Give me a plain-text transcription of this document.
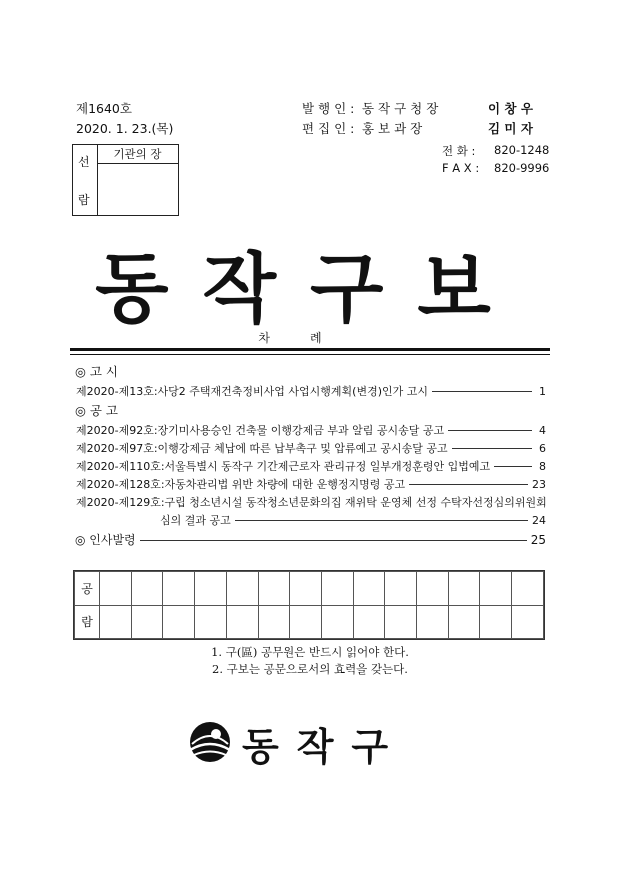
제1640호
2020. 1. 23.(목)
발 행 인 : 동 작 구 청 장	이 창 우
편 집 인 : 홍 보 과 장	김 미 자
전 화 : 820-1248
F A X : 820-9996
선
람
기관의 장
동작구보
차례
◎ 고 시
제2020-제13호: 사당2 주택재건축정비사업 사업시행계획(변경)인가 고시	1
◎ 공 고
제2020-제92호: 장기미사용승인 건축물 이행강제금 부과 알림 공시송달 공고	4
제2020-제97호: 이행강제금 체납에 따른 납부촉구 및 압류예고 공시송달 공고	6
제2020-제110호: 서울특별시 동작구 기간제근로자 관리규정 일부개정훈령안 입법예고	8
제2020-제128호: 자동차관리법 위반 차량에 대한 운행정지명령 공고	23
제2020-제129호: 구립 청소년시설 동작청소년문화의집 재위탁 운영체 선정 수탁자선정심의위원회
심의 결과 공고	24
◎ 인사발령	25
공														
람														
1. 구(區) 공무원은 반드시 읽어야 한다.
2. 구보는 공문으로서의 효력을 갖는다.
동작구
